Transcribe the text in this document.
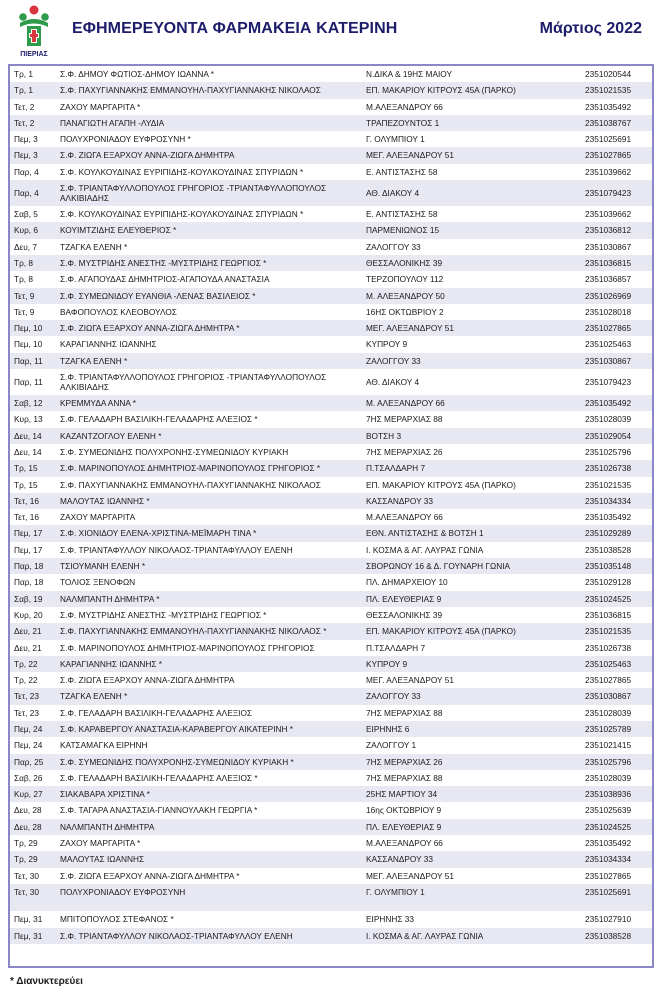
ΠΙΕΡΙΑΣ
ΕΦΗΜΕΡΕΥΟΝΤΑ ΦΑΡΜΑΚΕΙΑ ΚΑΤΕΡΙΝΗ	Μάρτιος 2022
Τρ, 1	Σ.Φ. ΔΗΜΟΥ ΦΩΤΙΟΣ-ΔΗΜΟΥ ΙΩΑΝΝΑ *	Ν.ΔΙΚΑ & 19ΗΣ ΜΑΙΟΥ	2351020544
Τρ, 1	Σ.Φ. ΠΑΧΥΓΙΑΝΝΑΚΗΣ ΕΜΜΑΝΟΥΗΛ-ΠΑΧΥΓΙΑΝΝΑΚΗΣ ΝΙΚΟΛΑΟΣ	ΕΠ. ΜΑΚΑΡΙΟΥ ΚΙΤΡΟΥΣ 45Α (ΠΑΡΚΟ)	2351021535
Τετ, 2	ΖΑΧΟΥ ΜΑΡΓΑΡΙΤΑ *	Μ.ΑΛΕΞΑΝΔΡΟΥ 66	2351035492
Τετ, 2	ΠΑΝΑΓΙΩΤΗ ΑΓΑΠΗ -ΛΥΔΙΑ	ΤΡΑΠΕΖΟΥΝΤΟΣ 1	2351038767
Πεμ, 3	ΠΟΛΥΧΡΟΝΙΑΔΟΥ ΕΥΦΡΟΣΥΝΗ *	Γ. ΟΛΥΜΠΙΟΥ 1	2351025691
Πεμ, 3	Σ.Φ. ΖΙΩΓΑ ΕΞΑΡΧΟΥ ΑΝΝΑ-ΖΙΩΓΑ ΔΗΜΗΤΡΑ	ΜΕΓ. ΑΛΕΞΑΝΔΡΟΥ 51	2351027865
Παρ, 4	Σ.Φ. ΚΟΥΛΚΟΥΔΙΝΑΣ ΕΥΡΙΠΙΔΗΣ-ΚΟΥΛΚΟΥΔΙΝΑΣ ΣΠΥΡΙΔΩΝ *	Ε. ΑΝΤΙΣΤΑΣΗΣ 58	2351039662
Παρ, 4	Σ.Φ. ΤΡΙΑΝΤΑΦΥΛΛΟΠΟΥΛΟΣ ΓΡΗΓΟΡΙΟΣ -ΤΡΙΑΝΤΑΦΥΛΛΟΠΟΥΛΟΣ ΑΛΚΙΒΙΑΔΗΣ	ΑΘ. ΔΙΑΚΟΥ 4	2351079423
Σαβ, 5	Σ.Φ. ΚΟΥΛΚΟΥΔΙΝΑΣ ΕΥΡΙΠΙΔΗΣ-ΚΟΥΛΚΟΥΔΙΝΑΣ ΣΠΥΡΙΔΩΝ *	Ε. ΑΝΤΙΣΤΑΣΗΣ 58	2351039662
Κυρ, 6	ΚΟΥΙΜΤΖΙΔΗΣ ΕΛΕΥΘΕΡΙΟΣ *	ΠΑΡΜΕΝΙΩΝΟΣ 15	2351036812
Δευ, 7	ΤΖΑΓΚΑ ΕΛΕΝΗ *	ΖΑΛΟΓΓΟΥ 33	2351030867
Τρ, 8	Σ.Φ. ΜΥΣΤΡΙΔΗΣ ΑΝΕΣΤΗΣ -ΜΥΣΤΡΙΔΗΣ ΓΕΩΡΓΙΟΣ *	ΘΕΣΣΑΛΟΝΙΚΗΣ 39	2351036815
Τρ, 8	Σ.Φ. ΑΓΑΠΟΥΔΑΣ ΔΗΜΗΤΡΙΟΣ-ΑΓΑΠΟΥΔΑ ΑΝΑΣΤΑΣΙΑ	ΤΕΡΖΟΠΟΥΛΟΥ 112	2351036857
Τετ, 9	Σ.Φ. ΣΥΜΕΩΝΙΔΟΥ ΕΥΑΝΘΙΑ -ΛΕΝΑΣ ΒΑΣΙΛΕΙΟΣ *	Μ. ΑΛΕΞΑΝΔΡΟΥ 50	2351026969
Τετ, 9	ΒΑΦΟΠΟΥΛΟΣ ΚΛΕΟΒΟΥΛΟΣ	16ΗΣ ΟΚΤΩΒΡΙΟΥ 2	2351028018
Πεμ, 10	Σ.Φ. ΖΙΩΓΑ ΕΞΑΡΧΟΥ ΑΝΝΑ-ΖΙΩΓΑ ΔΗΜΗΤΡΑ *	ΜΕΓ. ΑΛΕΞΑΝΔΡΟΥ 51	2351027865
Πεμ, 10	ΚΑΡΑΓΙΑΝΝΗΣ ΙΩΑΝΝΗΣ	ΚΥΠΡΟΥ 9	2351025463
Παρ, 11	ΤΖΑΓΚΑ ΕΛΕΝΗ *	ΖΑΛΟΓΓΟΥ 33	2351030867
Παρ, 11	Σ.Φ. ΤΡΙΑΝΤΑΦΥΛΛΟΠΟΥΛΟΣ ΓΡΗΓΟΡΙΟΣ -ΤΡΙΑΝΤΑΦΥΛΛΟΠΟΥΛΟΣ ΑΛΚΙΒΙΑΔΗΣ	ΑΘ. ΔΙΑΚΟΥ 4	2351079423
Σαβ, 12	ΚΡΕΜΜΥΔΑ ΑΝΝΑ *	Μ. ΑΛΕΞΑΝΔΡΟΥ 66	2351035492
Κυρ, 13	Σ.Φ. ΓΕΛΑΔΑΡΗ ΒΑΣΙΛΙΚΗ-ΓΕΛΑΔΑΡΗΣ ΑΛΕΞΙΟΣ *	7ΗΣ ΜΕΡΑΡΧΙΑΣ 88	2351028039
Δευ, 14	ΚΑΖΑΝΤΖΟΓΛΟΥ ΕΛΕΝΗ *	ΒΟΤΣΗ 3	2351029054
Δευ, 14	Σ.Φ. ΣΥΜΕΩΝΙΔΗΣ ΠΟΛΥΧΡΟΝΗΣ-ΣΥΜΕΩΝΙΔΟΥ ΚΥΡΙΑΚΗ	7ΗΣ ΜΕΡΑΡΧΙΑΣ 26	2351025796
Τρ, 15	Σ.Φ. ΜΑΡΙΝΟΠΟΥΛΟΣ ΔΗΜΗΤΡΙΟΣ-ΜΑΡΙΝΟΠΟΥΛΟΣ ΓΡΗΓΟΡΙΟΣ *	Π.ΤΣΑΛΔΑΡΗ 7	2351026738
Τρ, 15	Σ.Φ. ΠΑΧΥΓΙΑΝΝΑΚΗΣ ΕΜΜΑΝΟΥΗΛ-ΠΑΧΥΓΙΑΝΝΑΚΗΣ ΝΙΚΟΛΑΟΣ	ΕΠ. ΜΑΚΑΡΙΟΥ ΚΙΤΡΟΥΣ 45Α (ΠΑΡΚΟ)	2351021535
Τετ, 16	ΜΑΛΟΥΤΑΣ ΙΩΑΝΝΗΣ *	ΚΑΣΣΑΝΔΡΟΥ 33	2351034334
Τετ, 16	ΖΑΧΟΥ ΜΑΡΓΑΡΙΤΑ	Μ.ΑΛΕΞΑΝΔΡΟΥ 66	2351035492
Πεμ, 17	Σ.Φ. ΧΙΟΝΙΔΟΥ ΕΛΕΝΑ-ΧΡΙΣΤΙΝΑ-ΜΕΪΜΑΡΗ ΤΙΝΑ *	ΕΘΝ. ΑΝΤΙΣΤΑΣΗΣ & ΒΟΤΣΗ 1	2351029289
Πεμ, 17	Σ.Φ. ΤΡΙΑΝΤΑΦΥΛΛΟΥ ΝΙΚΟΛΑΟΣ-ΤΡΙΑΝΤΑΦΥΛΛΟΥ ΕΛΕΝΗ	Ι. ΚΟΣΜΑ & ΑΓ. ΛΑΥΡΑΣ ΓΩΝΙΑ	2351038528
Παρ, 18	ΤΣΙΟΥΜΑΝΗ ΕΛΕΝΗ *	ΣΒΟΡΩΝΟΥ 16 & Δ. ΓΟΥΝΑΡΗ ΓΩΝΙΑ	2351035148
Παρ, 18	ΤΟΛΙΟΣ ΞΕΝΟΦΩΝ	ΠΛ. ΔΗΜΑΡΧΕΙΟΥ 10	2351029128
Σαβ, 19	ΝΑΛΜΠΑΝΤΗ ΔΗΜΗΤΡΑ *	ΠΛ. ΕΛΕΥΘΕΡΙΑΣ 9	2351024525
Κυρ, 20	Σ.Φ. ΜΥΣΤΡΙΔΗΣ ΑΝΕΣΤΗΣ -ΜΥΣΤΡΙΔΗΣ ΓΕΩΡΓΙΟΣ *	ΘΕΣΣΑΛΟΝΙΚΗΣ 39	2351036815
Δευ, 21	Σ.Φ. ΠΑΧΥΓΙΑΝΝΑΚΗΣ ΕΜΜΑΝΟΥΗΛ-ΠΑΧΥΓΙΑΝΝΑΚΗΣ ΝΙΚΟΛΑΟΣ *	ΕΠ. ΜΑΚΑΡΙΟΥ ΚΙΤΡΟΥΣ 45Α (ΠΑΡΚΟ)	2351021535
Δευ, 21	Σ.Φ. ΜΑΡΙΝΟΠΟΥΛΟΣ ΔΗΜΗΤΡΙΟΣ-ΜΑΡΙΝΟΠΟΥΛΟΣ ΓΡΗΓΟΡΙΟΣ	Π.ΤΣΑΛΔΑΡΗ 7	2351026738
Τρ, 22	ΚΑΡΑΓΙΑΝΝΗΣ ΙΩΑΝΝΗΣ *	ΚΥΠΡΟΥ 9	2351025463
Τρ, 22	Σ.Φ. ΖΙΩΓΑ ΕΞΑΡΧΟΥ ΑΝΝΑ-ΖΙΩΓΑ ΔΗΜΗΤΡΑ	ΜΕΓ. ΑΛΕΞΑΝΔΡΟΥ 51	2351027865
Τετ, 23	ΤΖΑΓΚΑ ΕΛΕΝΗ *	ΖΑΛΟΓΓΟΥ 33	2351030867
Τετ, 23	Σ.Φ. ΓΕΛΑΔΑΡΗ ΒΑΣΙΛΙΚΗ-ΓΕΛΑΔΑΡΗΣ ΑΛΕΞΙΟΣ	7ΗΣ ΜΕΡΑΡΧΙΑΣ 88	2351028039
Πεμ, 24	Σ.Φ. ΚΑΡΑΒΕΡΓΟΥ ΑΝΑΣΤΑΣΙΑ-ΚΑΡΑΒΕΡΓΟΥ ΑΙΚΑΤΕΡΙΝΗ *	ΕΙΡΗΝΗΣ 6	2351025789
Πεμ, 24	ΚΑΤΣΑΜΑΓΚΑ ΕΙΡΗΝΗ	ΖΑΛΟΓΓΟΥ 1	2351021415
Παρ, 25	Σ.Φ. ΣΥΜΕΩΝΙΔΗΣ ΠΟΛΥΧΡΟΝΗΣ-ΣΥΜΕΩΝΙΔΟΥ ΚΥΡΙΑΚΗ *	7ΗΣ ΜΕΡΑΡΧΙΑΣ 26	2351025796
Σαβ, 26	Σ.Φ. ΓΕΛΑΔΑΡΗ ΒΑΣΙΛΙΚΗ-ΓΕΛΑΔΑΡΗΣ ΑΛΕΞΙΟΣ *	7ΗΣ ΜΕΡΑΡΧΙΑΣ 88	2351028039
Κυρ, 27	ΣΙΑΚΑΒΑΡΑ ΧΡΙΣΤΙΝΑ *	25ΗΣ ΜΑΡΤΙΟΥ 34	2351038936
Δευ, 28	Σ.Φ. ΤΑΓΑΡΑ ΑΝΑΣΤΑΣΙΑ-ΓΙΑΝΝΟΥΛΑΚΗ ΓΕΩΡΓΙΑ *	16ης ΟΚΤΩΒΡΙΟΥ 9	2351025639
Δευ, 28	ΝΑΛΜΠΑΝΤΗ ΔΗΜΗΤΡΑ	ΠΛ. ΕΛΕΥΘΕΡΙΑΣ 9	2351024525
Τρ, 29	ΖΑΧΟΥ ΜΑΡΓΑΡΙΤΑ *	Μ.ΑΛΕΞΑΝΔΡΟΥ 66	2351035492
Τρ, 29	ΜΑΛΟΥΤΑΣ ΙΩΑΝΝΗΣ	ΚΑΣΣΑΝΔΡΟΥ 33	2351034334
Τετ, 30	Σ.Φ. ΖΙΩΓΑ ΕΞΑΡΧΟΥ ΑΝΝΑ-ΖΙΩΓΑ ΔΗΜΗΤΡΑ *	ΜΕΓ. ΑΛΕΞΑΝΔΡΟΥ 51	2351027865
Τετ, 30	ΠΟΛΥΧΡΟΝΙΑΔΟΥ ΕΥΦΡΟΣΥΝΗ	Γ. ΟΛΥΜΠΙΟΥ 1	2351025691
Πεμ, 31	ΜΠΙΤΟΠΟΥΛΟΣ ΣΤΕΦΑΝΟΣ *	ΕΙΡΗΝΗΣ 33	2351027910
Πεμ, 31	Σ.Φ. ΤΡΙΑΝΤΑΦΥΛΛΟΥ ΝΙΚΟΛΑΟΣ-ΤΡΙΑΝΤΑΦΥΛΛΟΥ ΕΛΕΝΗ	Ι. ΚΟΣΜΑ & ΑΓ. ΛΑΥΡΑΣ ΓΩΝΙΑ	2351038528
* Διανυκτερεύει
